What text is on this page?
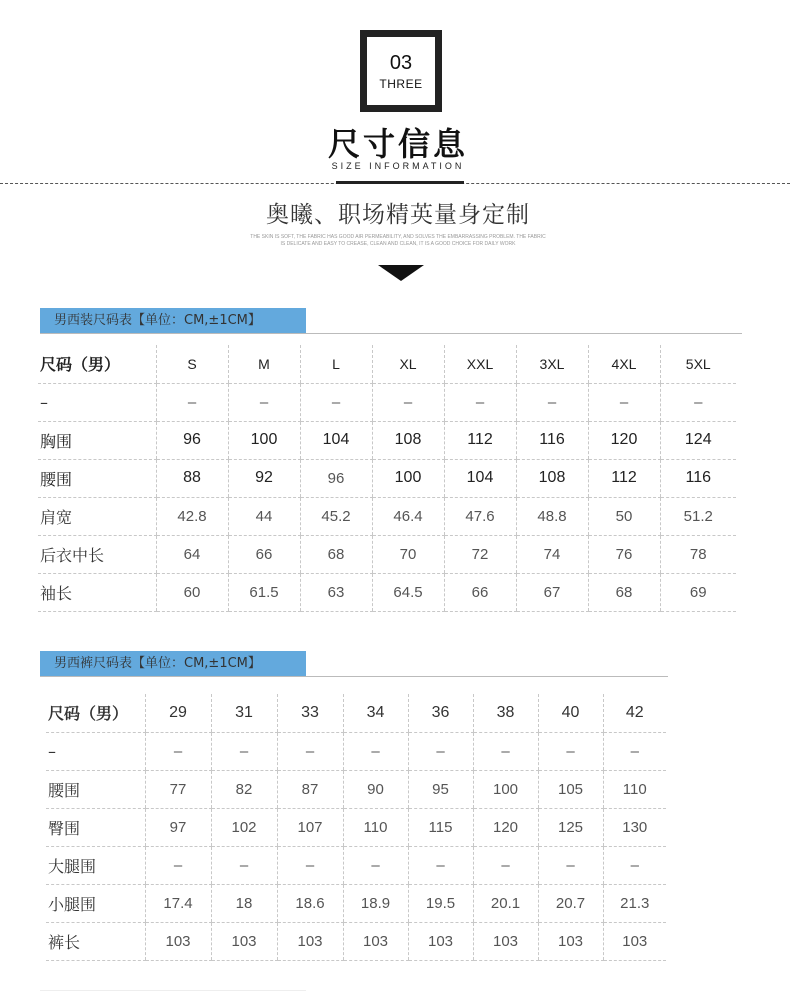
03
THREE
尺寸信息
SIZE INFORMATION
奥曦、职场精英量身定制
THE SKIN IS SOFT, THE FABRIC HAS GOOD AIR PERMEABILITY, AND SOLVES THE EMBARRASSING PROBLEM. THE FABRIC
IS DELICATE AND EASY TO CREASE, CLEAN AND CLEAN, IT IS A GOOD CHOICE FOR DAILY WORK
男西装尺码表【单位：CM,±1CM】
尺码（男）	S	M	L	XL	XXL	3XL	4XL	5XL
–	–	–	–	–	–	–	–	–
胸围	96	100	104	108	112	116	120	124
腰围	88	92	96	100	104	108	112	116
肩宽	42.8	44	45.2	46.4	47.6	48.8	50	51.2
后衣中长	64	66	68	70	72	74	76	78
袖长	60	61.5	63	64.5	66	67	68	69
男西裤尺码表【单位：CM,±1CM】
尺码（男）	29	31	33	34	36	38	40	42
–	–	–	–	–	–	–	–	–
腰围	77	82	87	90	95	100	105	110
臀围	97	102	107	110	115	120	125	130
大腿围	–	–	–	–	–	–	–	–
小腿围	17.4	18	18.6	18.9	19.5	20.1	20.7	21.3
裤长	103	103	103	103	103	103	103	103
